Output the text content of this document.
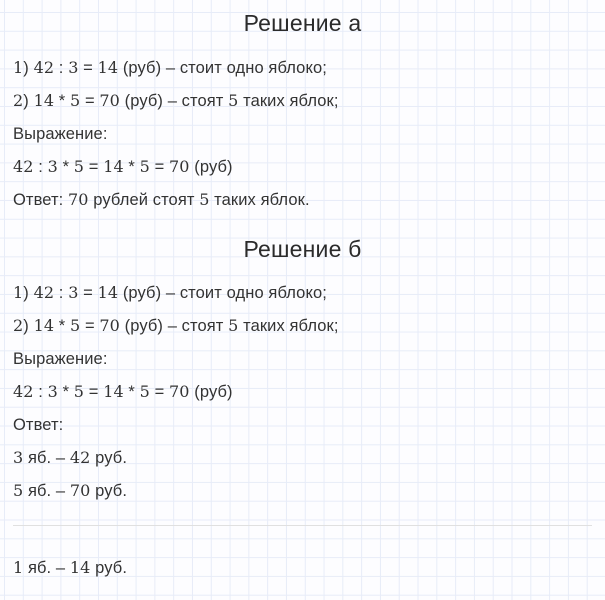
Решение а

1) 42 : 3 = 14 (руб) – стоит одно яблоко;

2) 14 * 5 = 70 (руб) – стоят 5 таких яблок;

Выражение:

42 : 3 * 5 = 14 * 5 = 70 (руб)

Ответ: 70 рублей стоят 5 таких яблок.

Решение б

1) 42 : 3 = 14 (руб) – стоит одно яблоко;

2) 14 * 5 = 70 (руб) – стоят 5 таких яблок;

Выражение:

42 : 3 * 5 = 14 * 5 = 70 (руб)

Ответ:

3 яб. – 42 руб.

5 яб. – 70 руб.

1 яб. – 14 руб.
